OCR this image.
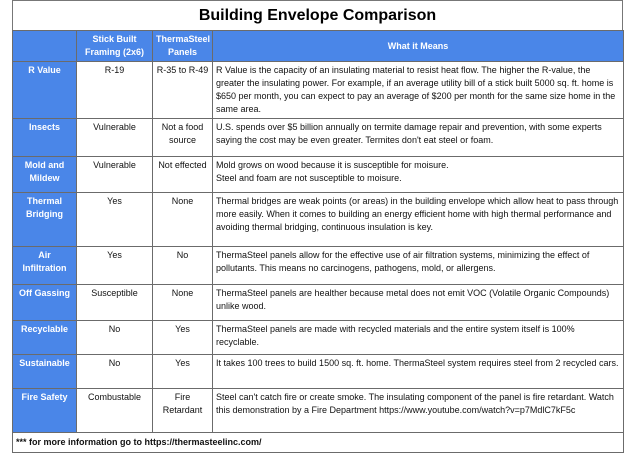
Building Envelope Comparison
	Stick Built Framing (2x6)	ThermaSteel Panels	What it Means
R Value	R-19	R-35 to R-49	R Value is the capacity of an insulating material to resist heat flow. The higher the R-value, the greater the insulating power. For example, if an average utility bill of a stick built 5000 sq. ft. home is $650 per month, you can expect to pay an average of $200 per month for the same size home in the same area.
Insects	Vulnerable	Not a food source	U.S. spends over $5 billion annually on termite damage repair and prevention, with some experts saying the cost may be even greater. Termites don't eat steel or foam.
Mold and Mildew	Vulnerable	Not effected	Mold grows on wood because it is susceptible for moisure.
Steel and foam are not susceptible to moisure.
Thermal Bridging	Yes	None	Thermal bridges are weak points (or areas) in the building envelope which allow heat to pass through more easily. When it comes to building an energy efficient home with high thermal performance and avoiding thermal bridging, continuous insulation is key.
Air Infiltration	Yes	No	ThermaSteel panels allow for the effective use of air filtration systems, minimizing the effect of pollutants. This means no carcinogens, pathogens, mold, or allergens.
Off Gassing	Susceptible	None	ThermaSteel panels are healther because metal does not emit VOC (Volatile Organic Compounds) unlike wood.
Recyclable	No	Yes	ThermaSteel panels are made with recycled materials and the entire system itself is 100% recyclable.
Sustainable	No	Yes	It takes 100 trees to build 1500 sq. ft. home. ThermaSteel system requires steel from 2 recycled cars.
Fire Safety	Combustable	Fire Retardant	Steel can't catch fire or create smoke. The insulating component of the panel is fire retardant. Watch this demonstration by a Fire Department https://www.youtube.com/watch?v=p7MdlC7kF5c
*** for more information go to https://thermasteelinc.com/			
